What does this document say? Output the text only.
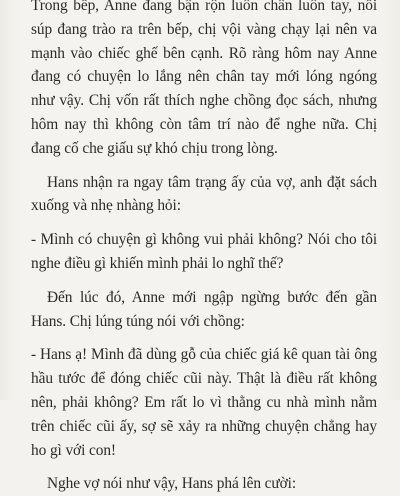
Trong bếp, Anne đang bận rộn luôn chân luôn tay, nồi súp đang trào ra trên bếp, chị vội vàng chạy lại nên va mạnh vào chiếc ghế bên cạnh. Rõ ràng hôm nay Anne đang có chuyện lo lắng nên chân tay mới lóng ngóng như vậy. Chị vốn rất thích nghe chồng đọc sách, nhưng hôm nay thì không còn tâm trí nào để nghe nữa. Chị đang cố che giấu sự khó chịu trong lòng.

Hans nhận ra ngay tâm trạng ấy của vợ, anh đặt sách xuống và nhẹ nhàng hỏi:

- Mình có chuyện gì không vui phải không? Nói cho tôi nghe điều gì khiến mình phải lo nghĩ thế?

Đến lúc đó, Anne mới ngập ngừng bước đến gần Hans. Chị lúng túng nói với chồng:

- Hans ạ! Mình đã dùng gỗ của chiếc giá kê quan tài ông hầu tước để đóng chiếc cũi này. Thật là điều rất không nên, phải không? Em rất lo vì thằng cu nhà mình nằm trên chiếc cũi ấy, sợ sẽ xảy ra những chuyện chẳng hay ho gì với con!

Nghe vợ nói như vậy, Hans phá lên cười:
